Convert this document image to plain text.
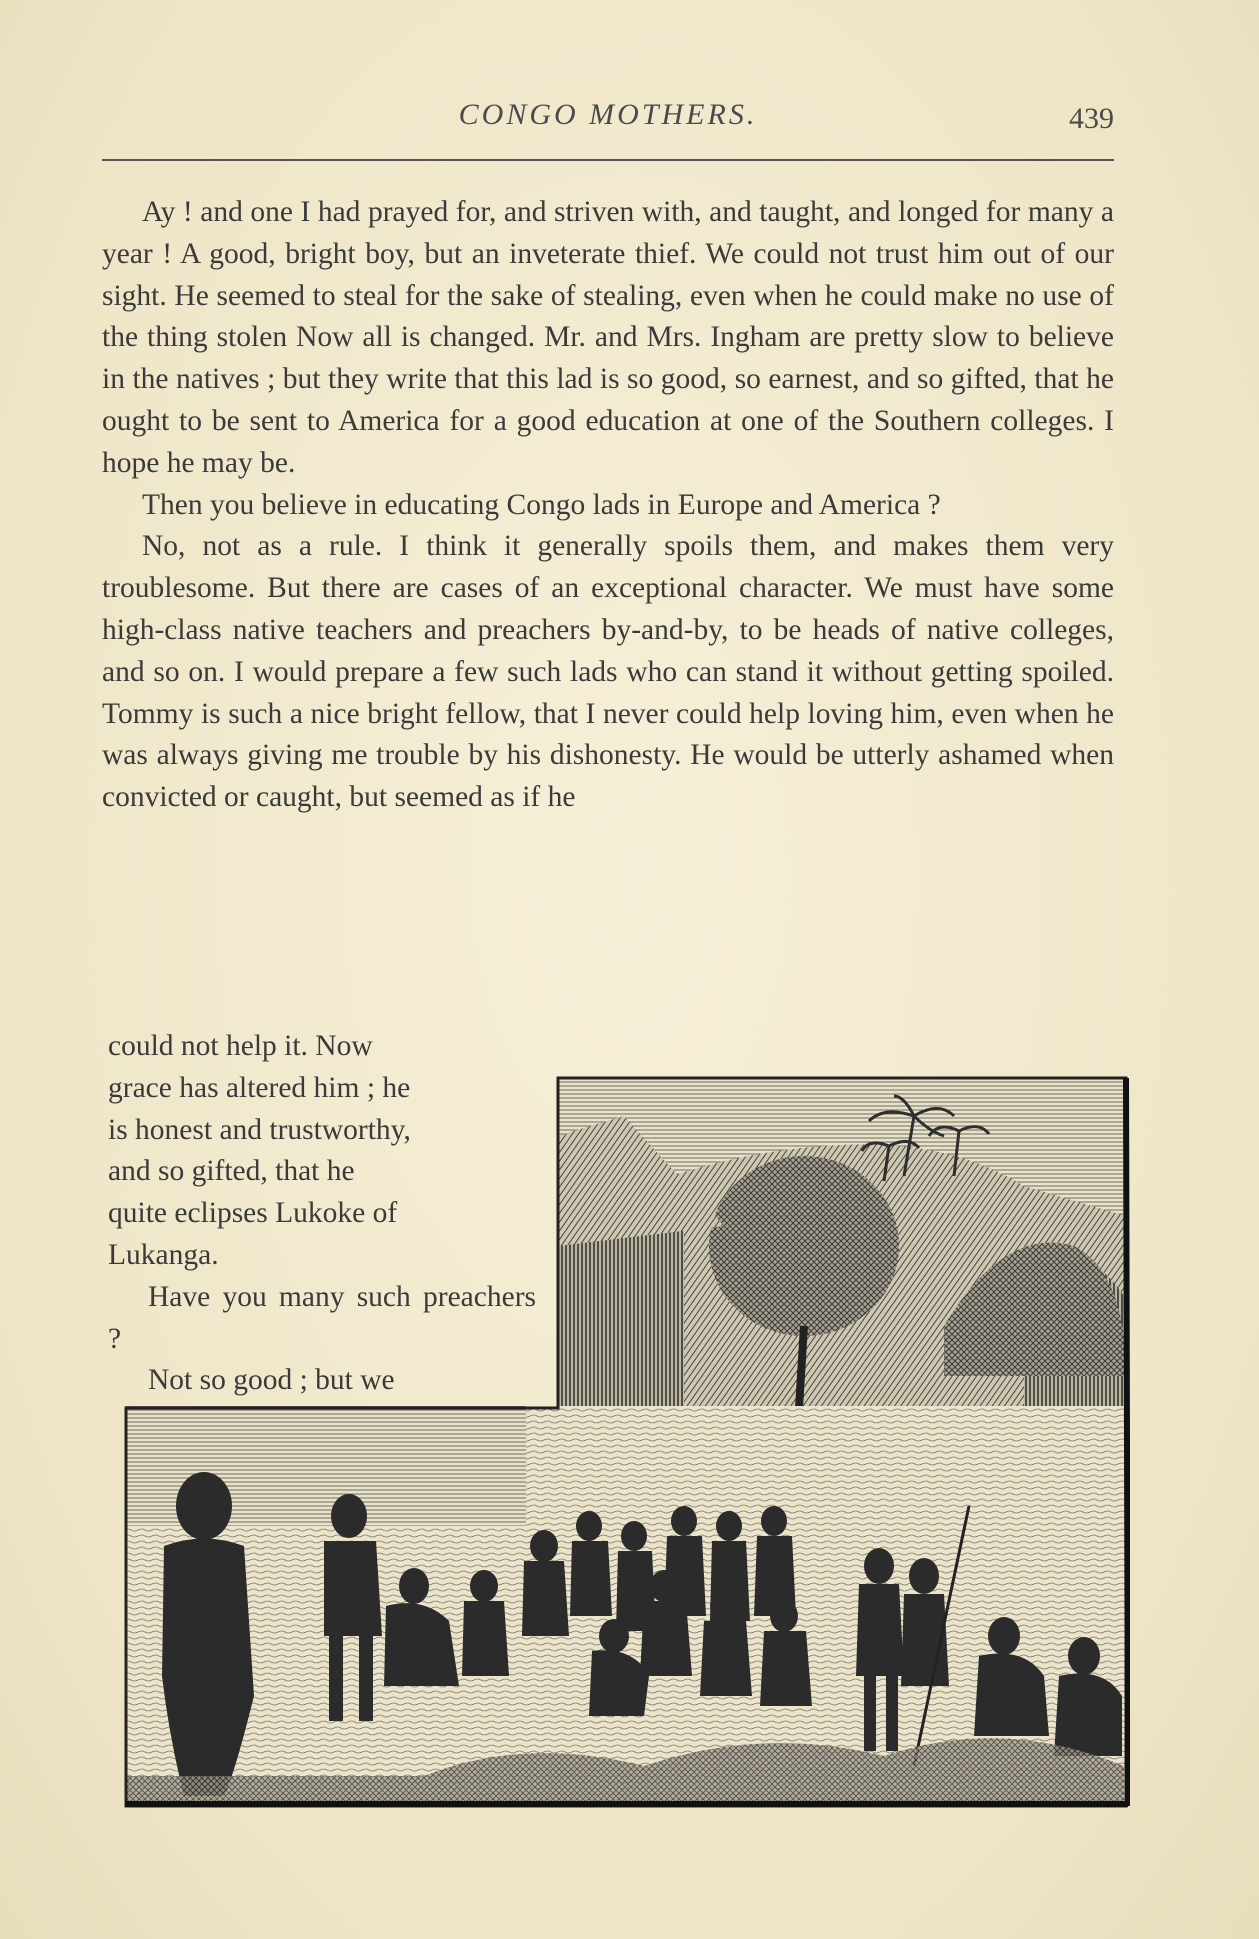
CONGO MOTHERS.	439

Ay ! and one I had prayed for, and striven with, and taught, and longed for many a year ! A good, bright boy, but an inveterate thief. We could not trust him out of our sight. He seemed to steal for the sake of stealing, even when he could make no use of the thing stolen Now all is changed. Mr. and Mrs. Ingham are pretty slow to believe in the natives ; but they write that this lad is so good, so earnest, and so gifted, that he ought to be sent to America for a good education at one of the Southern colleges. I hope he may be.

Then you believe in educating Congo lads in Europe and America ?

No, not as a rule. I think it generally spoils them, and makes them very troublesome. But there are cases of an exceptional character. We must have some high-class native teachers and preachers by-and-by, to be heads of native colleges, and so on. I would prepare a few such lads who can stand it without getting spoiled. Tommy is such a nice bright fellow, that I never could help loving him, even when he was always giving me trouble by his dishonesty. He would be utterly ashamed when convicted or caught, but seemed as if he

could not help it. Now
grace has altered him ; he
is honest and trustworthy,
and so gifted, that he
quite eclipses Lukoke of
Lukanga.

Have you many such preachers ?

Not so good ; but we
